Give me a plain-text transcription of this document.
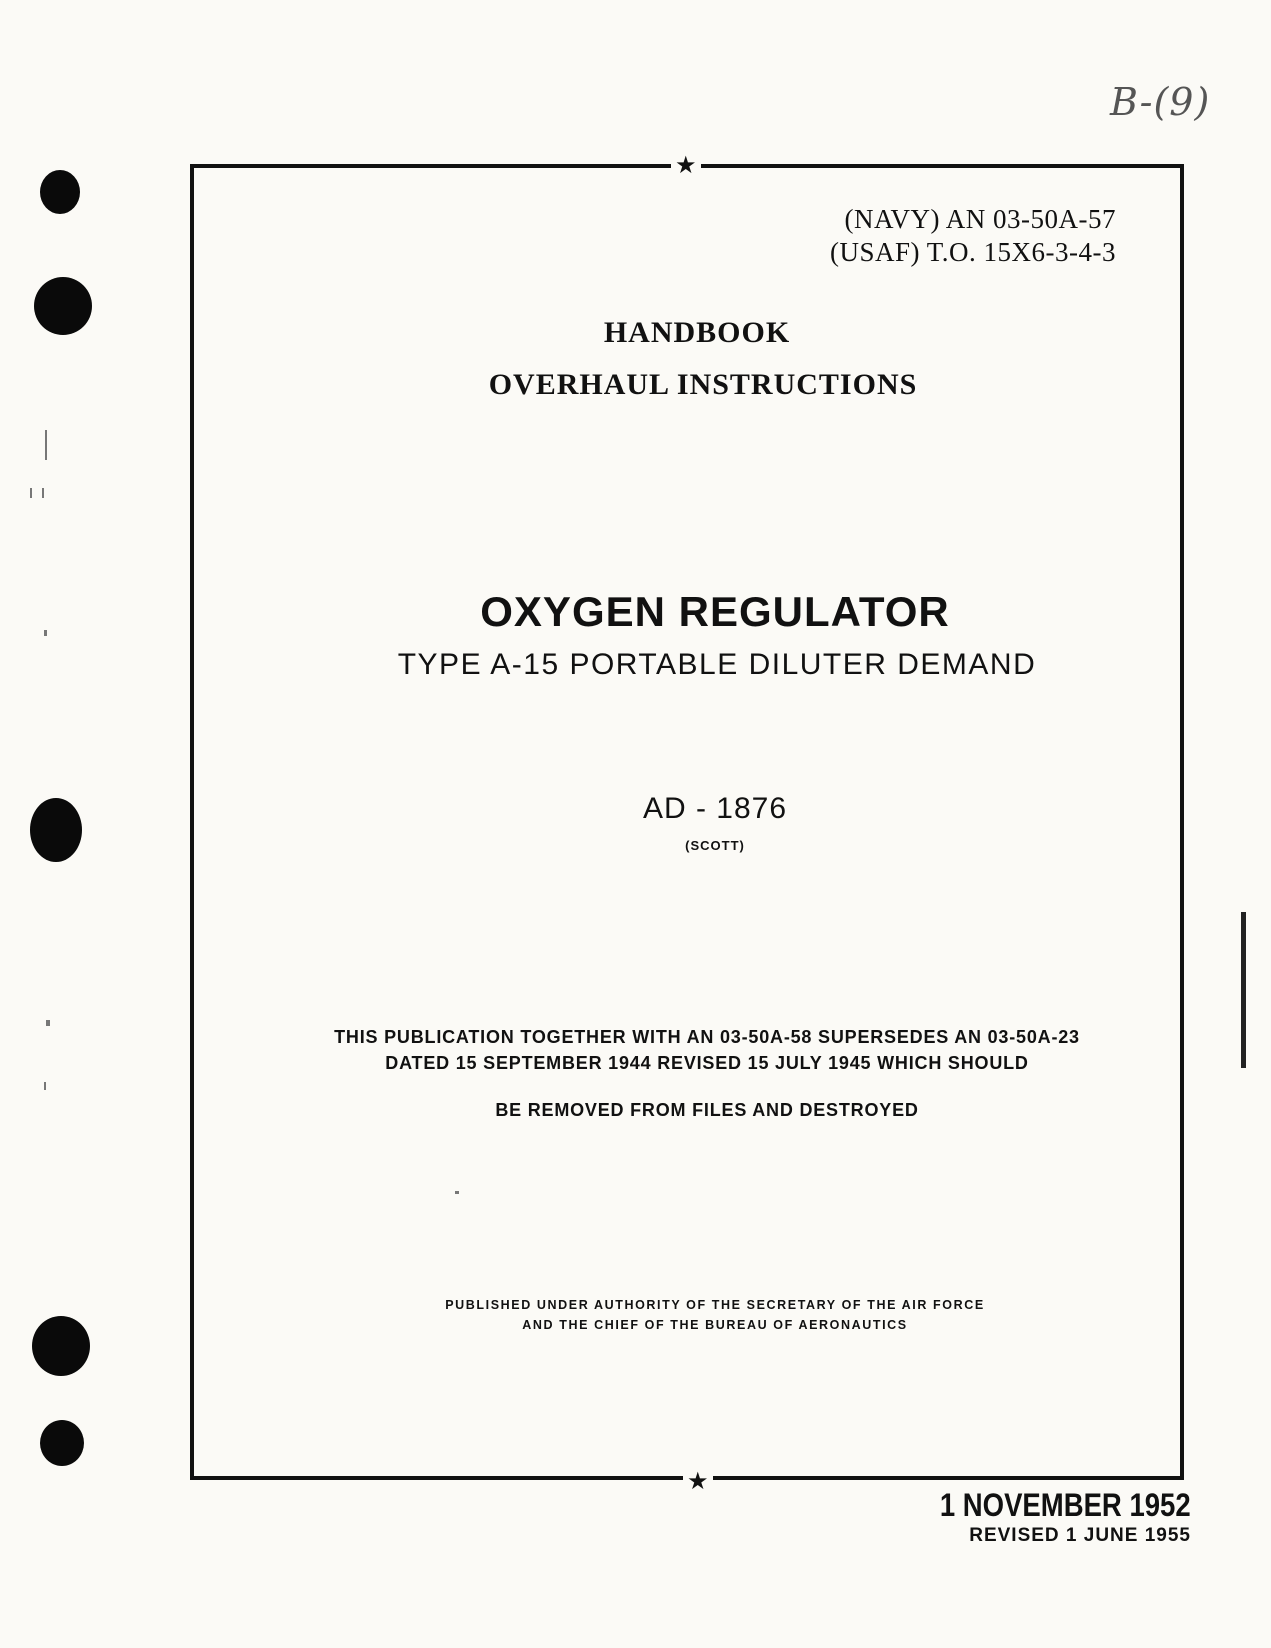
B-(9)
★
★
(NAVY) AN 03-50A-57
(USAF) T.O. 15X6-3-4-3
HANDBOOK
OVERHAUL INSTRUCTIONS
OXYGEN REGULATOR
TYPE A-15 PORTABLE DILUTER DEMAND
AD - 1876
(SCOTT)
THIS PUBLICATION TOGETHER WITH AN 03-50A-58 SUPERSEDES AN 03-50A-23
DATED 15 SEPTEMBER 1944 REVISED 15 JULY 1945 WHICH SHOULD
BE REMOVED FROM FILES AND DESTROYED
PUBLISHED UNDER AUTHORITY OF THE SECRETARY OF THE AIR FORCE
AND THE CHIEF OF THE BUREAU OF AERONAUTICS
1 NOVEMBER 1952
REVISED 1 JUNE 1955
